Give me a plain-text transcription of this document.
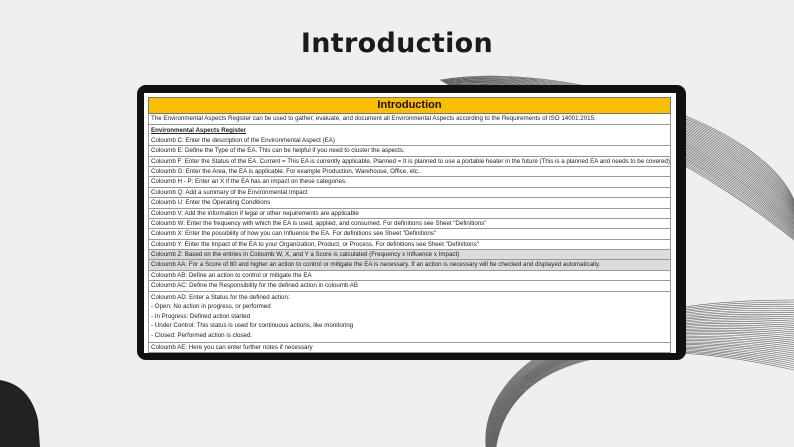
Introduction
Introduction
The Environmental Aspects Register can be used to gather, evaluate, and document all Environmental Aspects according to the Requirements of ISO 14001:2015.
Environmental Aspects Register
Coloumb C: Enter the description of the Environmental Aspect (EA)
Coloumb E: Define the Type of the EA. This can be helpful if you need to cluster the aspects.
Coloumb F: Enter the Status of the EA. Current = This EA is currently applicable. Planned = It is planned to use a portable heater in the future (This is a planned EA and needs to be covered)
Coloumb G: Enter the Area, the EA is applicable. For example Production, Warehouse, Office, etc..
Coloumb H - P: Enter an X if the EA has an impact on these categories.
Coloumb Q: Add a summary of the Environmental Impact
Coloumb U: Enter the Operating Conditions
Coloumb V: Add the information if legal or other requirements are applicable
Coloumb W: Enter the frequency with which the EA is used, applied, and consumed. For definitions see Sheet "Definitions"
Coloumb X: Enter the possibility of how you can Influence the EA. For definitions see Sheet "Definitions"
Coloumb Y: Enter the Impact of the EA to your Organization, Product, or Process. For definitions see Sheet "Definitions"
Coloumb Z: Based on the entries in Coloumb W, X, and Y a Score is calculated (Frequency x Influence x Impact)
Coloumb AA: For a Score of 80 and higher an action to control or mitigate the EA is necessary. If an action is necessary will be checked and displayed automatically.
Coloumb AB: Define an action to control or mitigate the EA
Coloumb AC: Define the Responsibility for the defined action in coloumb AB
Coloumb AD: Enter a Status for the defined action:
- Open: No action in progress, or performed
- In Progress: Defined action started
- Under Control: This status is used for continuous actions, like monitoring
- Closed: Performed action is closed.
Coloumb AE: Here you can enter further notes if necessary
